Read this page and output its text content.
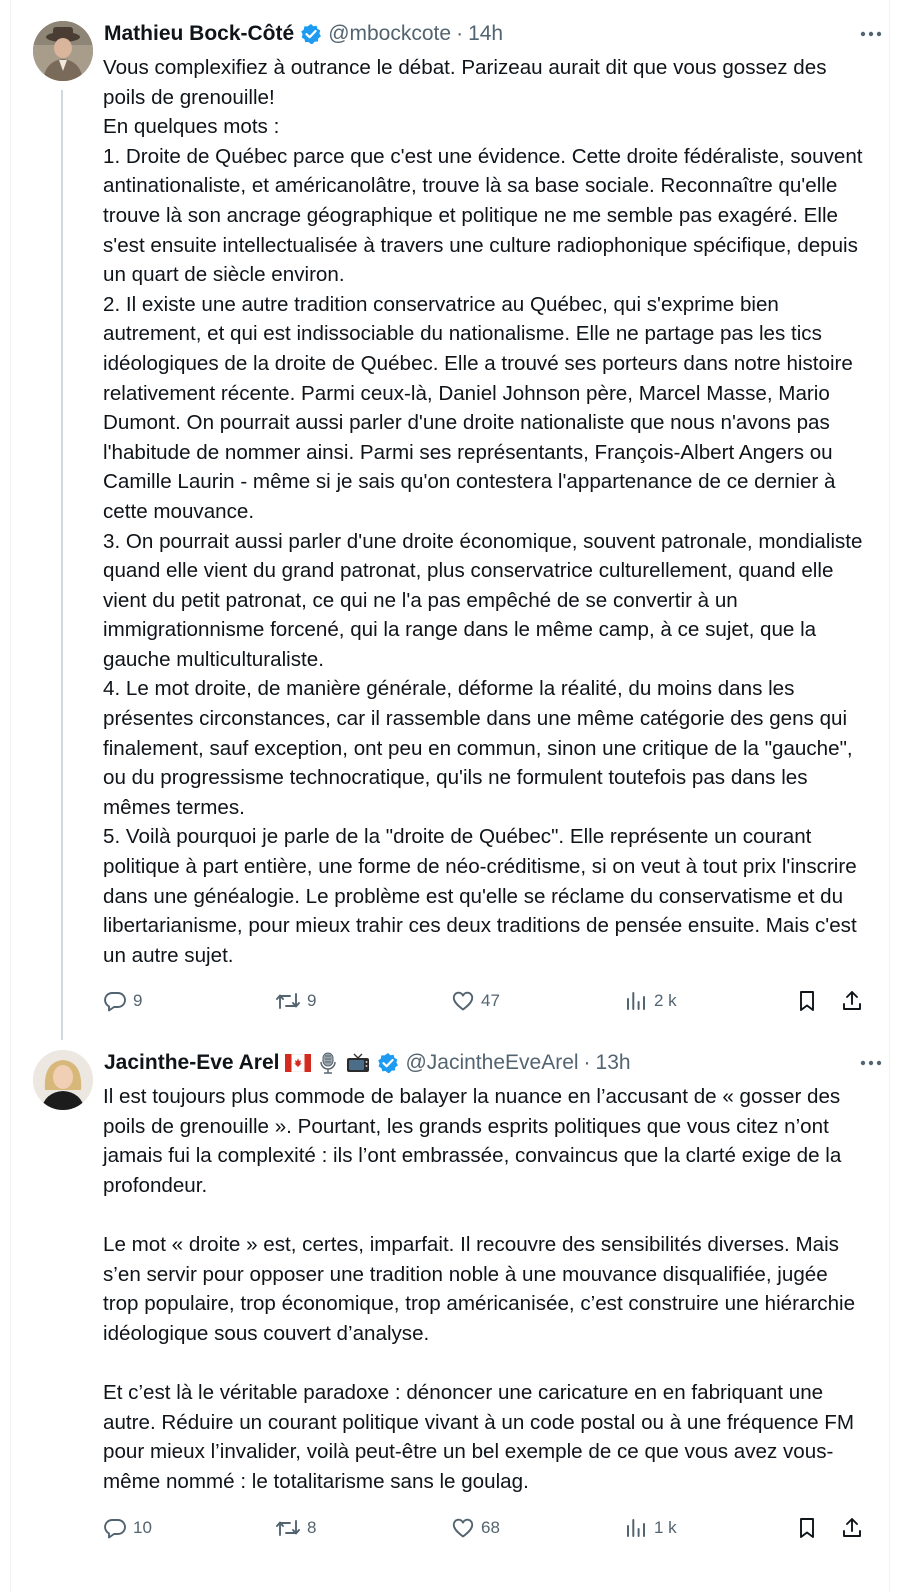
Mathieu Bock-Côté @mbockcote · 14h

Vous complexifiez à outrance le débat. Parizeau aurait dit que vous gossez des poils de grenouille!

En quelques mots :

1. Droite de Québec parce que c'est une évidence. Cette droite fédéraliste, souvent antinationaliste, et américanolâtre, trouve là sa base sociale. Reconnaître qu'elle trouve là son ancrage géographique et politique ne me semble pas exagéré. Elle s'est ensuite intellectualisée à travers une culture radiophonique spécifique, depuis un quart de siècle environ.

2. Il existe une autre tradition conservatrice au Québec, qui s'exprime bien autrement, et qui est indissociable du nationalisme. Elle ne partage pas les tics idéologiques de la droite de Québec. Elle a trouvé ses porteurs dans notre histoire relativement récente. Parmi ceux-là, Daniel Johnson père, Marcel Masse, Mario Dumont. On pourrait aussi parler d'une droite nationaliste que nous n'avons pas l'habitude de nommer ainsi. Parmi ses représentants, François-Albert Angers ou Camille Laurin - même si je sais qu'on contestera l'appartenance de ce dernier à cette mouvance.

3. On pourrait aussi parler d'une droite économique, souvent patronale, mondialiste quand elle vient du grand patronat, plus conservatrice culturellement, quand elle vient du petit patronat, ce qui ne l'a pas empêché de se convertir à un immigrationnisme forcené, qui la range dans le même camp, à ce sujet, que la gauche multiculturaliste.

4. Le mot droite, de manière générale, déforme la réalité, du moins dans les présentes circonstances, car il rassemble dans une même catégorie des gens qui finalement, sauf exception, ont peu en commun, sinon une critique de la "gauche", ou du progressisme technocratique, qu'ils ne formulent toutefois pas dans les mêmes termes.

5. Voilà pourquoi je parle de la "droite de Québec". Elle représente un courant politique à part entière, une forme de néo-créditisme, si on veut à tout prix l'inscrire dans une généalogie. Le problème est qu'elle se réclame du conservatisme et du libertarianisme, pour mieux trahir ces deux traditions de pensée ensuite. Mais c'est un autre sujet.

9	9	47	2 k
Jacinthe-Eve Arel	@JacintheEveArel · 13h

Il est toujours plus commode de balayer la nuance en l’accusant de « gosser des poils de grenouille ». Pourtant, les grands esprits politiques que vous citez n’ont jamais fui la complexité : ils l’ont embrassée, convaincus que la clarté exige de la profondeur.

Le mot « droite » est, certes, imparfait. Il recouvre des sensibilités diverses. Mais s’en servir pour opposer une tradition noble à une mouvance disqualifiée, jugée trop populaire, trop économique, trop américanisée, c’est construire une hiérarchie idéologique sous couvert d’analyse.

Et c’est là le véritable paradoxe : dénoncer une caricature en en fabriquant une autre. Réduire un courant politique vivant à un code postal ou à une fréquence FM pour mieux l’invalider, voilà peut-être un bel exemple de ce que vous avez vous-même nommé : le totalitarisme sans le goulag.

10	8	68	1 k
